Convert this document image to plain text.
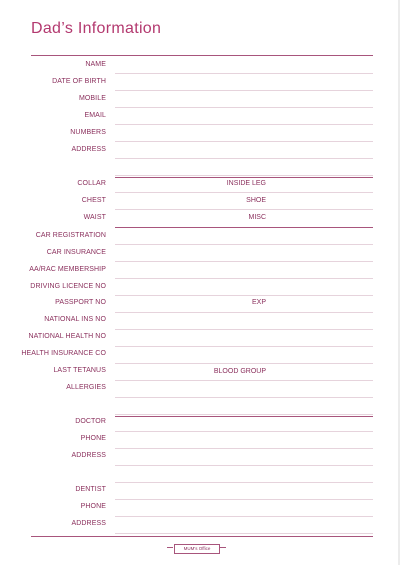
Dad’s Information
NAME
DATE OF BIRTH
MOBILE
EMAIL
NUMBERS
ADDRESS
COLLAR	INSIDE LEG
CHEST	SHOE
WAIST	MISC
CAR REGISTRATION
CAR INSURANCE
AA/RAC MEMBERSHIP
DRIVING LICENCE NO
PASSPORT NO	EXP
NATIONAL INS NO
NATIONAL HEALTH NO
HEALTH INSURANCE CO
LAST TETANUS	BLOOD GROUP
ALLERGIES
DOCTOR
PHONE
ADDRESS
DENTIST
PHONE
ADDRESS
MUM's Office
